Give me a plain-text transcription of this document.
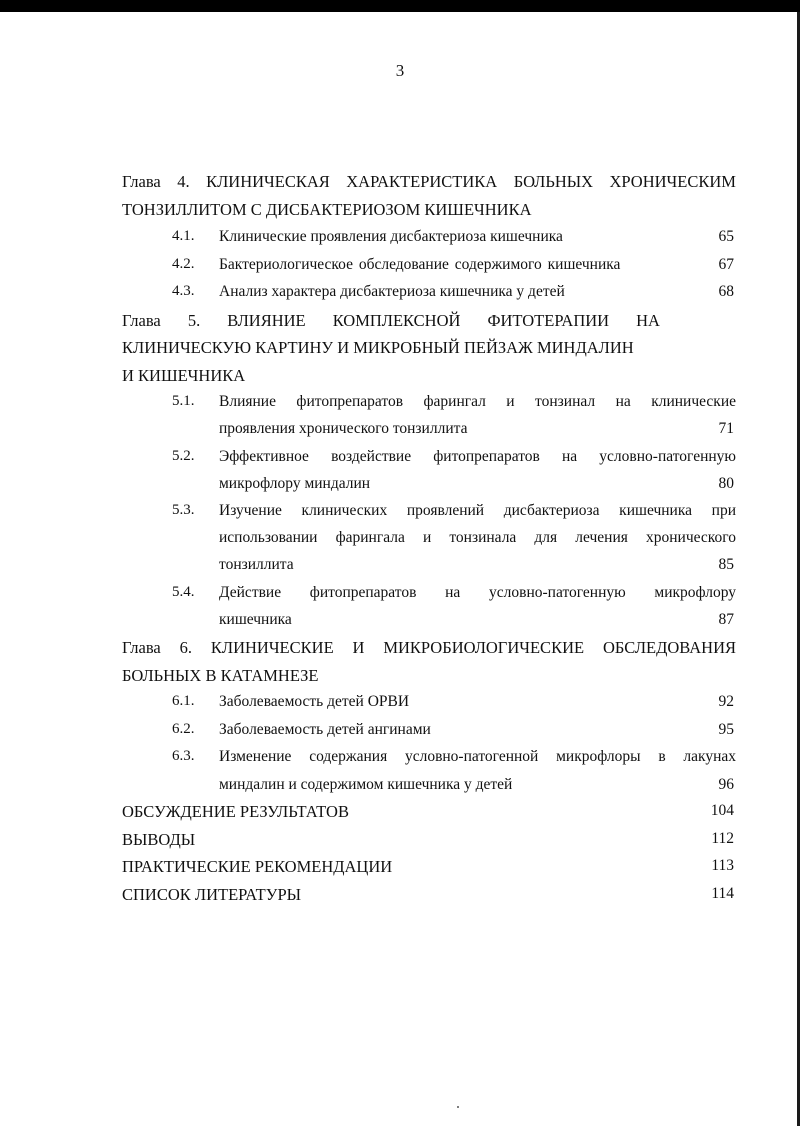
3
Глава 4. КЛИНИЧЕСКАЯ ХАРАКТЕРИСТИКА БОЛЬНЫХ ХРОНИЧЕСКИМ
ТОНЗИЛЛИТОМ С ДИСБАКТЕРИОЗОМ КИШЕЧНИКА
4.1. Клинические проявления дисбактериоза кишечника	65
4.2. Бактериологическое обследование содержимого кишечника	67
4.3. Анализ характера дисбактериоза кишечника у детей	68
Глава 5. ВЛИЯНИЕ КОМПЛЕКСНОЙ ФИТОТЕРАПИИ НА
КЛИНИЧЕСКУЮ КАРТИНУ И МИКРОБНЫЙ ПЕЙЗАЖ МИНДАЛИН
И КИШЕЧНИКА
5.1. Влияние фитопрепаратов фарингал и тонзинал на клинические
проявления хронического тонзиллита	71
5.2. Эффективное воздействие фитопрепаратов на условно-патогенную
микрофлору миндалин	80
5.3. Изучение клинических проявлений дисбактериоза кишечника при
использовании фарингала и тонзинала для лечения хронического
тонзиллита	85
5.4. Действие фитопрепаратов на условно-патогенную микрофлору
кишечника	87
Глава 6. КЛИНИЧЕСКИЕ И МИКРОБИОЛОГИЧЕСКИЕ ОБСЛЕДОВАНИЯ
БОЛЬНЫХ В КАТАМНЕЗЕ
6.1. Заболеваемость детей ОРВИ	92
6.2. Заболеваемость детей ангинами	95
6.3. Изменение содержания условно-патогенной микрофлоры в лакунах
миндалин и содержимом кишечника у детей	96
ОБСУЖДЕНИЕ РЕЗУЛЬТАТОВ	104
ВЫВОДЫ	112
ПРАКТИЧЕСКИЕ РЕКОМЕНДАЦИИ	113
СПИСОК ЛИТЕРАТУРЫ	114
